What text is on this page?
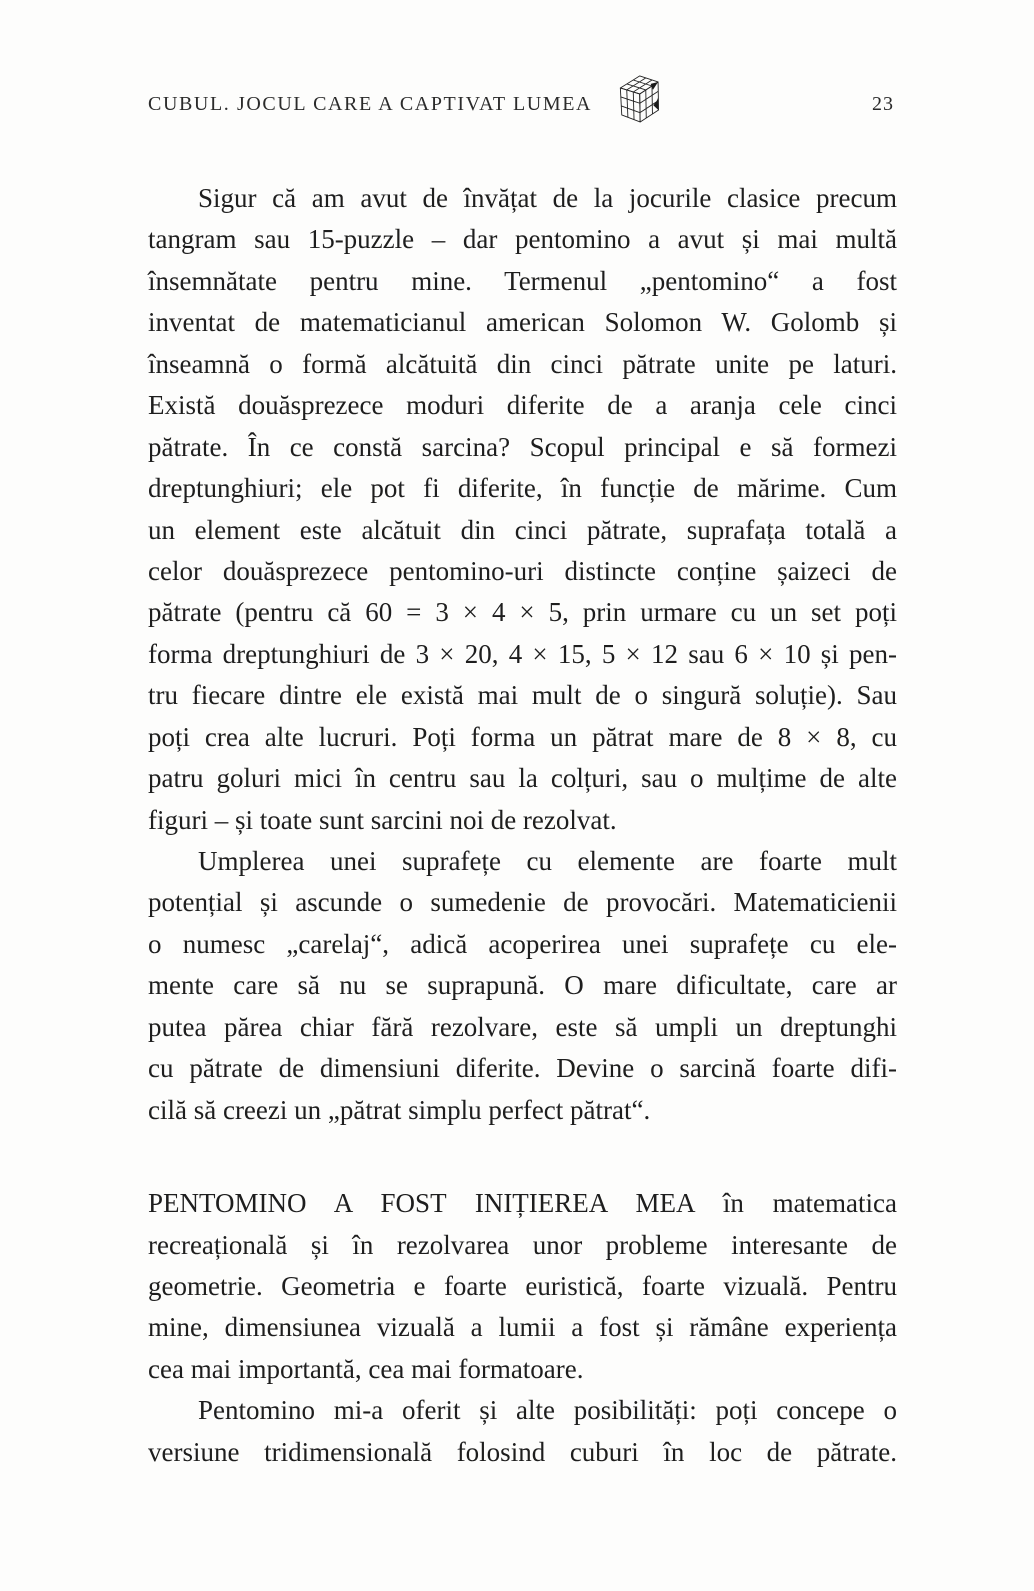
CUBUL. JOCUL CARE A CAPTIVAT LUMEA	23
Sigur că am avut de învățat de la jocurile clasice precum
tangram sau 15-puzzle – dar pentomino a avut și mai multă
însemnătate pentru mine. Termenul „pentomino“ a fost
inventat de matematicianul american Solomon W. Golomb și
înseamnă o formă alcătuită din cinci pătrate unite pe laturi.
Există douăsprezece moduri diferite de a aranja cele cinci
pătrate. În ce constă sarcina? Scopul principal e să formezi
dreptunghiuri; ele pot fi diferite, în funcție de mărime. Cum
un element este alcătuit din cinci pătrate, suprafața totală a
celor douăsprezece pentomino-uri distincte conține șaizeci de
pătrate (pentru că 60 = 3 × 4 × 5, prin urmare cu un set poți
forma dreptunghiuri de 3 × 20, 4 × 15, 5 × 12 sau 6 × 10 și pen-
tru fiecare dintre ele există mai mult de o singură soluție). Sau
poți crea alte lucruri. Poți forma un pătrat mare de 8 × 8, cu
patru goluri mici în centru sau la colțuri, sau o mulțime de alte
figuri – și toate sunt sarcini noi de rezolvat.
Umplerea unei suprafețe cu elemente are foarte mult
potențial și ascunde o sumedenie de provocări. Matematicienii
o numesc „carelaj“, adică acoperirea unei suprafețe cu ele-
mente care să nu se suprapună. O mare dificultate, care ar
putea părea chiar fără rezolvare, este să umpli un dreptunghi
cu pătrate de dimensiuni diferite. Devine o sarcină foarte difi-
cilă să creezi un „pătrat simplu perfect pătrat“.
PENTOMINO A FOST INIȚIEREA MEA în matematica
recreațională și în rezolvarea unor probleme interesante de
geometrie. Geometria e foarte euristică, foarte vizuală. Pentru
mine, dimensiunea vizuală a lumii a fost și rămâne experiența
cea mai importantă, cea mai formatoare.
Pentomino mi-a oferit și alte posibilități: poți concepe o
versiune tridimensională folosind cuburi în loc de pătrate.
